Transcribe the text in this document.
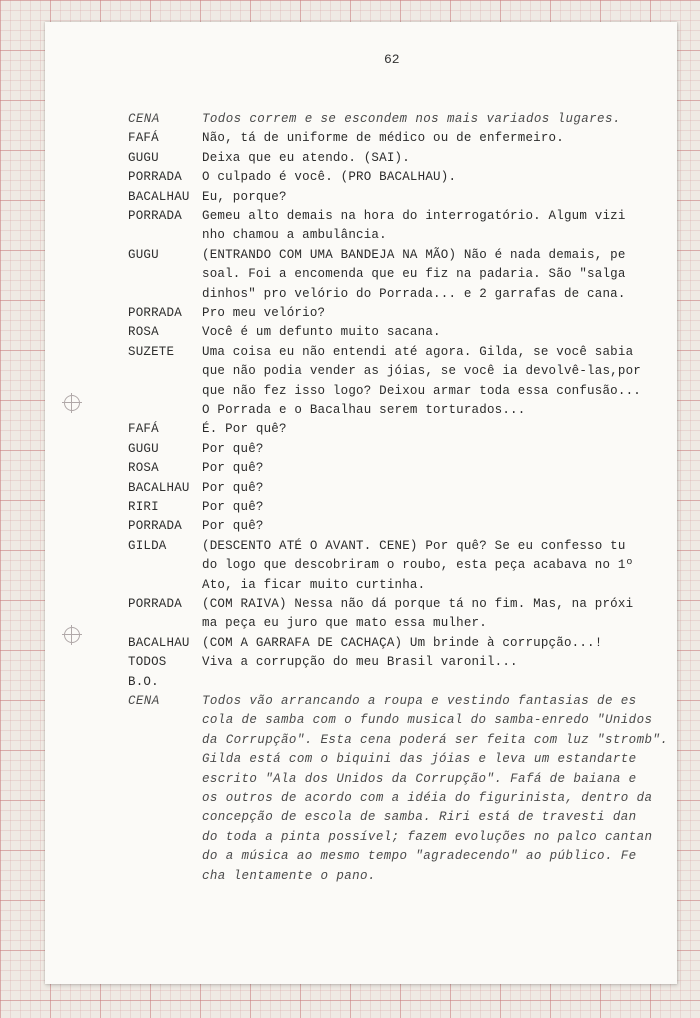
62
CENA	Todos correm e se escondem nos mais variados lugares.
FAFÁ	Não, tá de uniforme de médico ou de enfermeiro.
GUGU	Deixa que eu atendo. (SAI).
PORRADA O culpado é você. (PRO BACALHAU).
BACALHAU Eu, porque?
PORRADA Gemeu alto demais na hora do interrogatório. Algum vizi
nho chamou a ambulância.
GUGU	(ENTRANDO COM UMA BANDEJA NA MÃO) Não é nada demais, pe
soal. Foi a encomenda que eu fiz na padaria. São "salga
dinhos" pro velório do Porrada... e 2 garrafas de cana.
PORRADA Pro meu velório?
ROSA	Você é um defunto muito sacana.
SUZETE Uma coisa eu não entendi até agora. Gilda, se você sabia
que não podia vender as jóias, se você ia devolvê-las,por
que não fez isso logo? Deixou armar toda essa confusão...
O Porrada e o Bacalhau serem torturados...
FAFÁ	É. Por quê?
GUGU	Por quê?
ROSA	Por quê?
BACALHAU Por quê?
RIRI	Por quê?
PORRADA Por quê?
GILDA	(DESCENTO ATÉ O AVANT. CENE) Por quê? Se eu confesso tu
do logo que descobriram o roubo, esta peça acabava no 1º
Ato, ia ficar muito curtinha.
PORRADA (COM RAIVA) Nessa não dá porque tá no fim. Mas, na próxi
ma peça eu juro que mato essa mulher.
BACALHAU (COM A GARRAFA DE CACHAÇA) Um brinde à corrupção...!
TODOS	Viva a corrupção do meu Brasil varonil...
B.O.
CENA	Todos vão arrancando a roupa e vestindo fantasias de es
cola de samba com o fundo musical do samba-enredo "Unidos
da Corrupção". Esta cena poderá ser feita com luz "stromb".
Gilda está com o biquini das jóias e leva um estandarte
escrito "Ala dos Unidos da Corrupção". Fafá de baiana e
os outros de acordo com a idéia do figurinista, dentro da
concepção de escola de samba. Riri está de travesti dan
do toda a pinta possível; fazem evoluções no palco cantan
do a música ao mesmo tempo "agradecendo" ao público. Fe
cha lentamente o pano.
